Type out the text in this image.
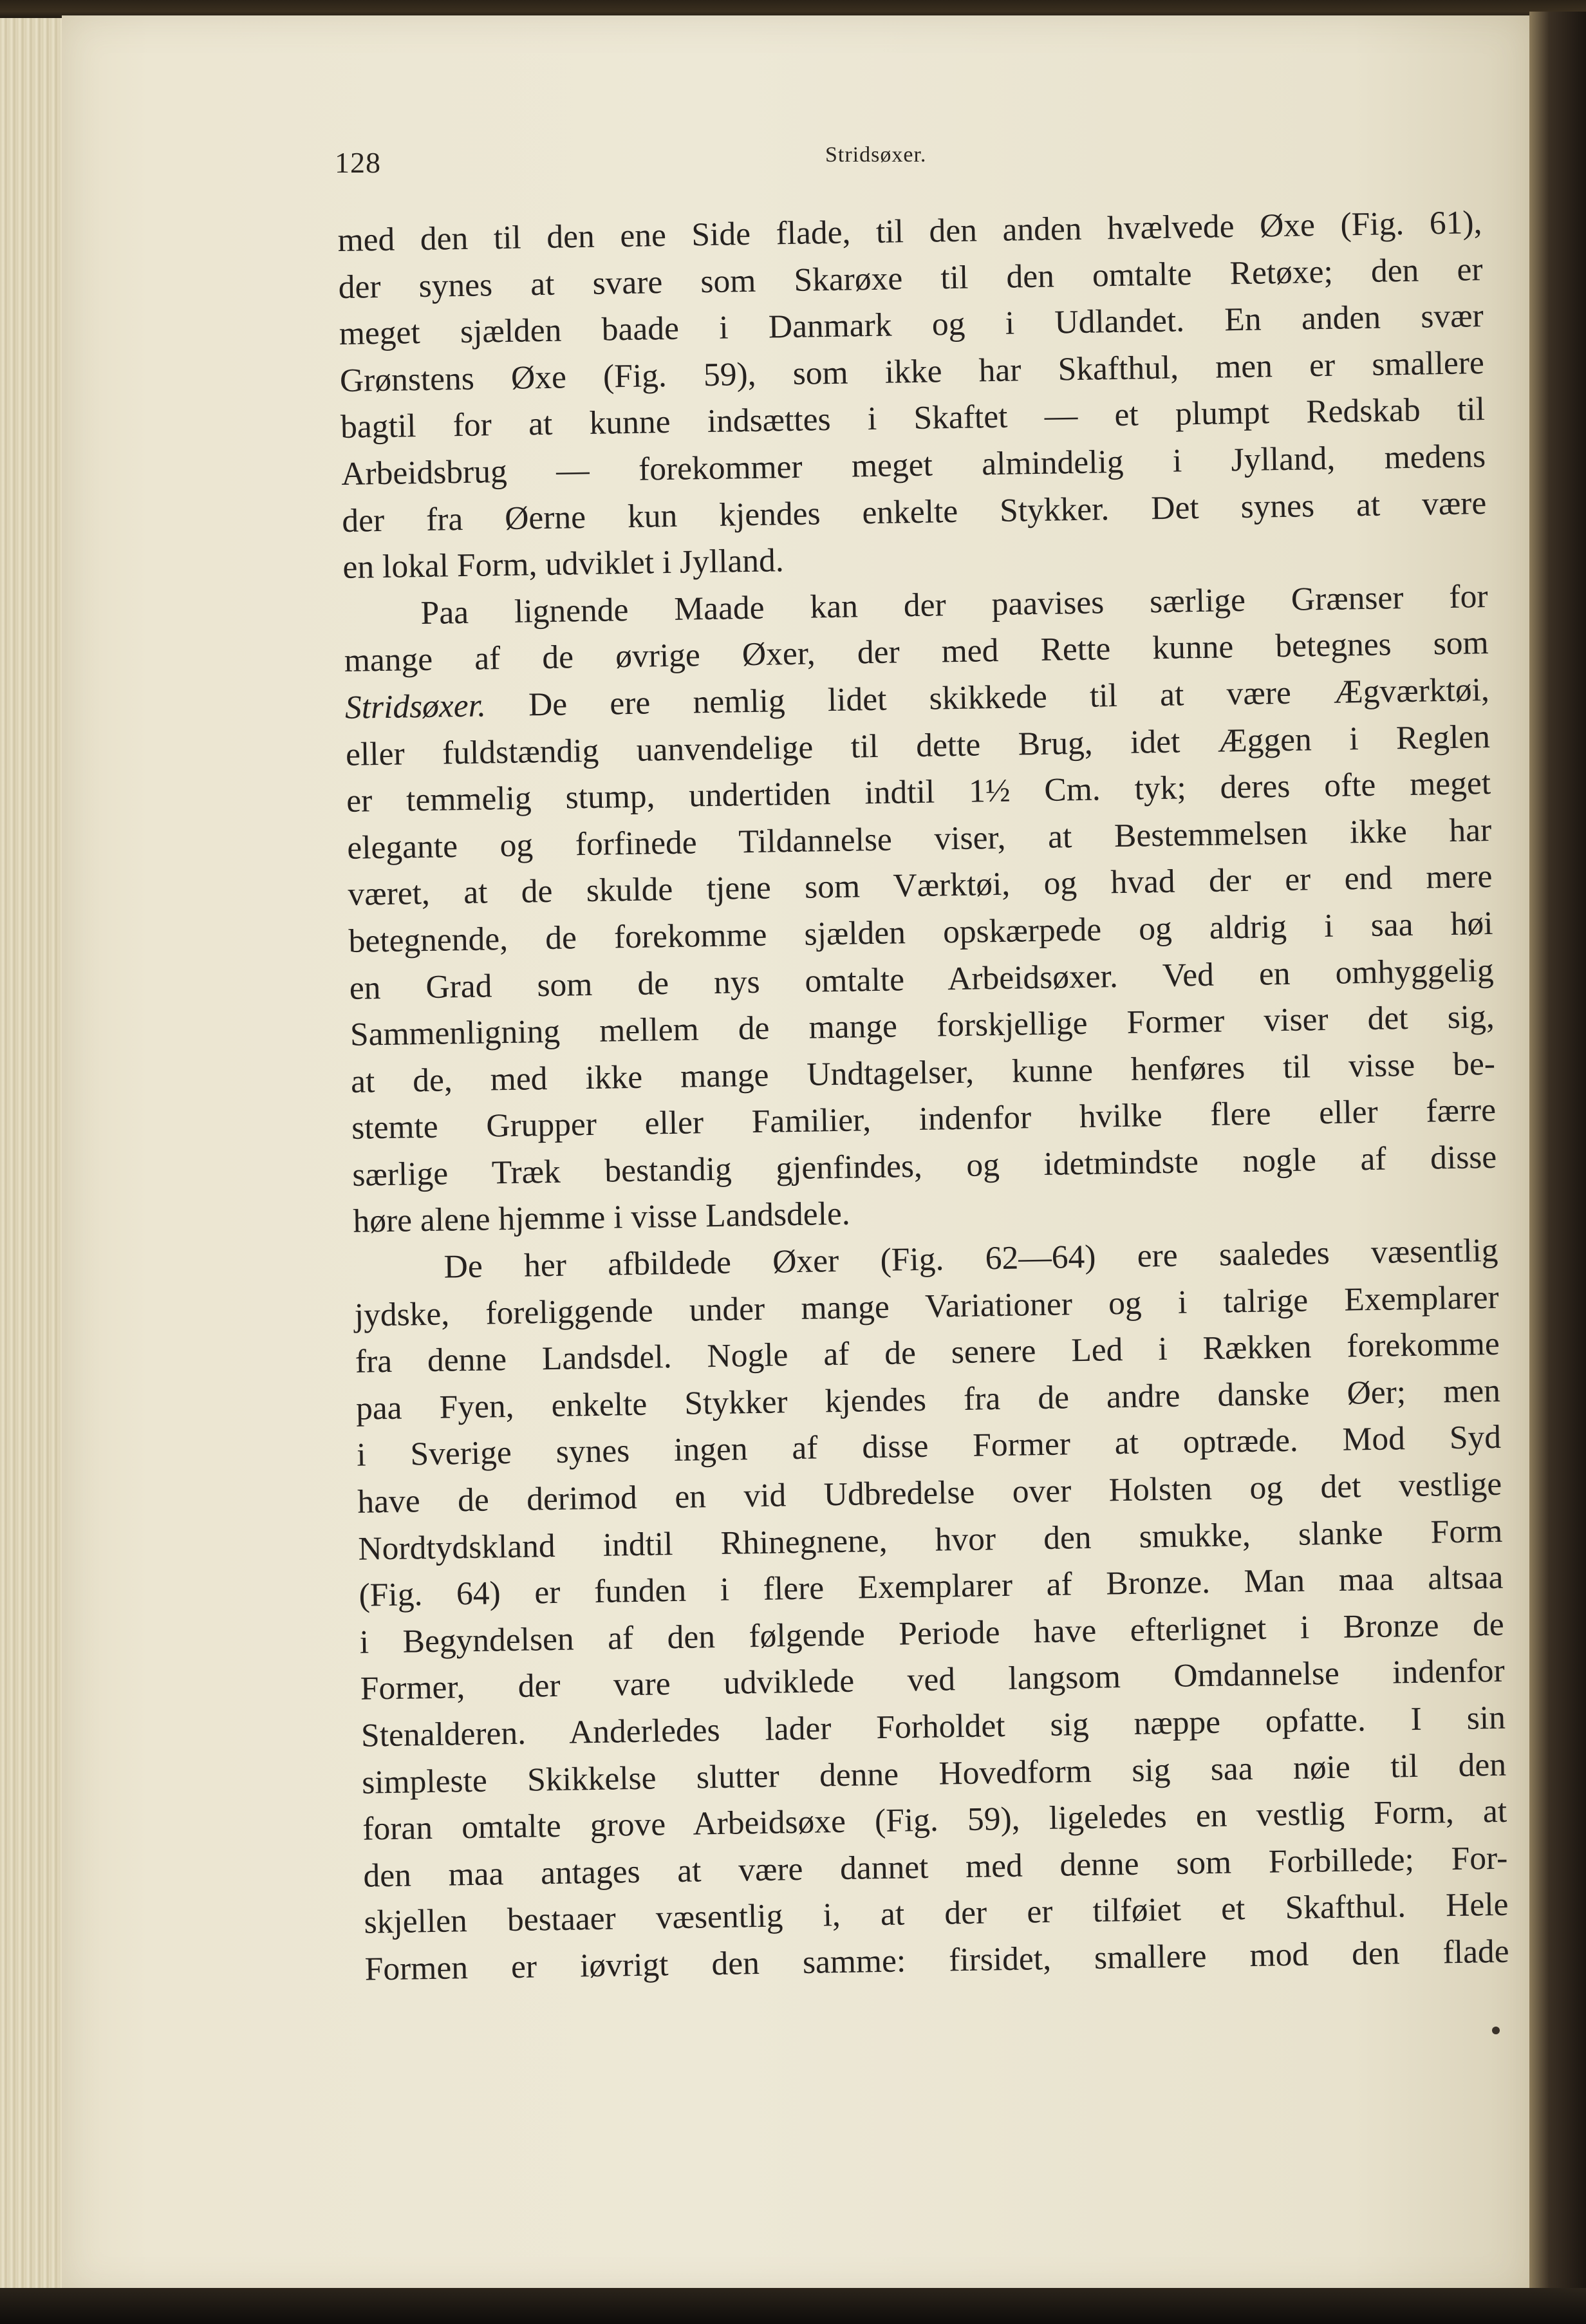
128	Stridsøxer.
med den til den ene Side flade, til den anden hvælvede Øxe (Fig. 61),
der synes at svare som Skarøxe til den omtalte Retøxe; den er
meget sjælden baade i Danmark og i Udlandet. En anden svær
Grønstens Øxe (Fig. 59), som ikke har Skafthul, men er smallere
bagtil for at kunne indsættes i Skaftet — et plumpt Redskab til
Arbeidsbrug — forekommer meget almindelig i Jylland, medens
der fra Øerne kun kjendes enkelte Stykker. Det synes at være
en lokal Form, udviklet i Jylland.
Paa lignende Maade kan der paavises særlige Grænser for
mange af de øvrige Øxer, der med Rette kunne betegnes som
Stridsøxer. De ere nemlig lidet skikkede til at være Ægværktøi,
eller fuldstændig uanvendelige til dette Brug, idet Æggen i Reglen
er temmelig stump, undertiden indtil 1½ Cm. tyk; deres ofte meget
elegante og forfinede Tildannelse viser, at Bestemmelsen ikke har
været, at de skulde tjene som Værktøi, og hvad der er end mere
betegnende, de forekomme sjælden opskærpede og aldrig i saa høi
en Grad som de nys omtalte Arbeidsøxer. Ved en omhyggelig
Sammenligning mellem de mange forskjellige Former viser det sig,
at de, med ikke mange Undtagelser, kunne henføres til visse be-
stemte Grupper eller Familier, indenfor hvilke flere eller færre
særlige Træk bestandig gjenfindes, og idetmindste nogle af disse
høre alene hjemme i visse Landsdele.
De her afbildede Øxer (Fig. 62—64) ere saaledes væsentlig
jydske, foreliggende under mange Variationer og i talrige Exemplarer
fra denne Landsdel. Nogle af de senere Led i Rækken forekomme
paa Fyen, enkelte Stykker kjendes fra de andre danske Øer; men
i Sverige synes ingen af disse Former at optræde. Mod Syd
have de derimod en vid Udbredelse over Holsten og det vestlige
Nordtydskland indtil Rhinegnene, hvor den smukke, slanke Form
(Fig. 64) er funden i flere Exemplarer af Bronze. Man maa altsaa
i Begyndelsen af den følgende Periode have efterlignet i Bronze de
Former, der vare udviklede ved langsom Omdannelse indenfor
Stenalderen. Anderledes lader Forholdet sig næppe opfatte. I sin
simpleste Skikkelse slutter denne Hovedform sig saa nøie til den
foran omtalte grove Arbeidsøxe (Fig. 59), ligeledes en vestlig Form, at
den maa antages at være dannet med denne som Forbillede; For-
skjellen bestaaer væsentlig i, at der er tilføiet et Skafthul. Hele
Formen er iøvrigt den samme: firsidet, smallere mod den flade
